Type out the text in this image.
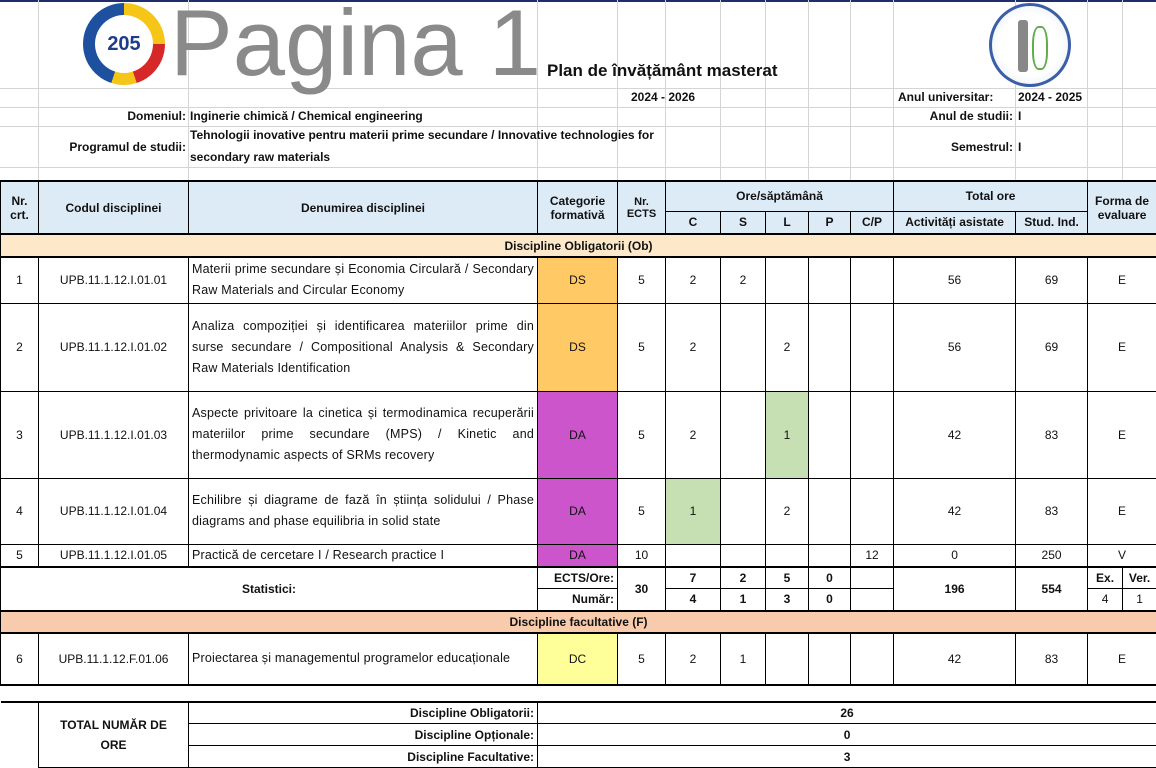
205 Pagina 1 Plan de învățământ masterat
2024 - 2026	Anul universitar: 2024 - 2025
Domeniul: Inginerie chimică / Chemical engineering	Anul de studii: I
Programul de studii:
Tehnologii inovative pentru materii prime secundare / Innovative technologies for
secondary raw materials
Semestrul: I
Nr. crt.	Codul disciplinei	Denumirea disciplinei	Categorie formativă	Nr. ECTS	Ore/săptămână					Total ore		Forma de evaluare	
					C	S	L	P	C/P	Activități asistate	Stud. Ind.		
Discipline Obligatorii (Ob)													
1	UPB.11.1.12.I.01.01	Materii prime secundare și Economia Circulară / Secondary Raw Materials and Circular Economy	DS	5	2	2				56	69	E	
2	UPB.11.1.12.I.01.02	Analiza compoziției și identificarea materiilor prime din surse secundare / Compositional Analysis & Secondary Raw Materials Identification	DS	5	2		2			56	69	E	
3	UPB.11.1.12.I.01.03	Aspecte privitoare la cinetica și termodinamica recuperării materiilor prime secundare (MPS) / Kinetic and thermodynamic aspects of SRMs recovery	DA	5	2		1			42	83	E	
4	UPB.11.1.12.I.01.04	Echilibre și diagrame de fază în știința solidului / Phase diagrams and phase equilibria in solid state	DA	5	1		2			42	83	E	
5	UPB.11.1.12.I.01.05	Practică de cercetare I / Research practice I	DA	10					12	0	250	V	
Statistici:			ECTS/Ore:	30	7	2	5	0		196	554	Ex.	Ver.
			Număr:		4	1	3	0				4	1
Discipline facultative (F)													
6	UPB.11.1.12.F.01.06	Proiectarea și managementul programelor educaționale	DC	5	2	1				42	83	E	

	TOTAL NUMĂR DE ORE	Discipline Obligatorii:	26										
		Discipline Opționale:	0										
		Discipline Facultative:	3										
